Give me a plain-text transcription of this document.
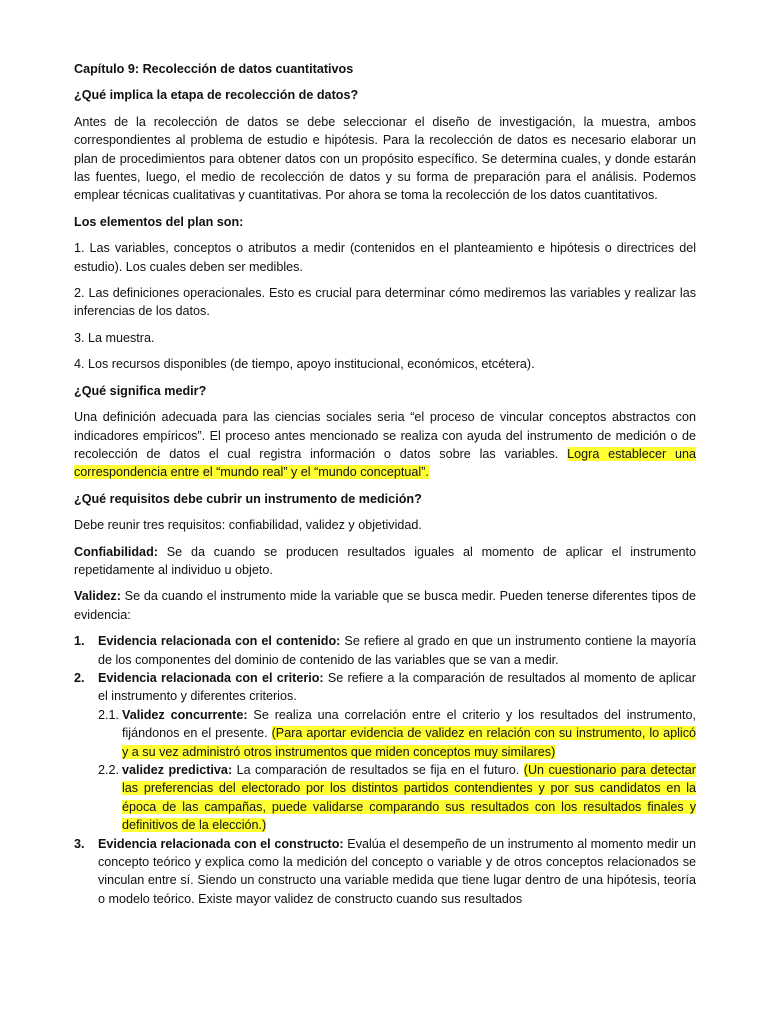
Capítulo 9: Recolección de datos cuantitativos

¿Qué implica la etapa de recolección de datos?

Antes de la recolección de datos se debe seleccionar el diseño de investigación, la muestra, ambos correspondientes al problema de estudio e hipótesis. Para la recolección de datos es necesario elaborar un plan de procedimientos para obtener datos con un propósito específico. Se determina cuales, y donde estarán las fuentes, luego, el medio de recolección de datos y su forma de preparación para el análisis. Podemos emplear técnicas cualitativas y cuantitativas. Por ahora se toma la recolección de los datos cuantitativos.

Los elementos del plan son:

1. Las variables, conceptos o atributos a medir (contenidos en el planteamiento e hipótesis o directrices del estudio). Los cuales deben ser medibles.

2. Las definiciones operacionales. Esto es crucial para determinar cómo mediremos las variables y realizar las inferencias de los datos.

3. La muestra.

4. Los recursos disponibles (de tiempo, apoyo institucional, económicos, etcétera).

¿Qué significa medir?

Una definición adecuada para las ciencias sociales seria “el proceso de vincular conceptos abstractos con indicadores empíricos”. El proceso antes mencionado se realiza con ayuda del instrumento de medición o de recolección de datos el cual registra información o datos sobre las variables. Logra establecer una correspondencia entre el “mundo real” y el “mundo conceptual”.

¿Qué requisitos debe cubrir un instrumento de medición?

Debe reunir tres requisitos: confiabilidad, validez y objetividad.

Confiabilidad: Se da cuando se producen resultados iguales al momento de aplicar el instrumento repetidamente al individuo u objeto.

Validez: Se da cuando el instrumento mide la variable que se busca medir. Pueden tenerse diferentes tipos de evidencia:

1. Evidencia relacionada con el contenido: Se refiere al grado en que un instrumento contiene la mayoría de los componentes del dominio de contenido de las variables que se van a medir.
2. Evidencia relacionada con el criterio: Se refiere a la comparación de resultados al momento de aplicar el instrumento y diferentes criterios.
2.1. Validez concurrente: Se realiza una correlación entre el criterio y los resultados del instrumento, fijándonos en el presente. (Para aportar evidencia de validez en relación con su instrumento, lo aplicó y a su vez administró otros instrumentos que miden conceptos muy similares)
2.2. validez predictiva: La comparación de resultados se fija en el futuro. (Un cuestionario para detectar las preferencias del electorado por los distintos partidos contendientes y por sus candidatos en la época de las campañas, puede validarse comparando sus resultados con los resultados finales y definitivos de la elección.)
3. Evidencia relacionada con el constructo: Evalúa el desempeño de un instrumento al momento medir un concepto teórico y explica como la medición del concepto o variable y de otros conceptos relacionados se vinculan entre sí. Siendo un constructo una variable medida que tiene lugar dentro de una hipótesis, teoría o modelo teórico. Existe mayor validez de constructo cuando sus resultados
